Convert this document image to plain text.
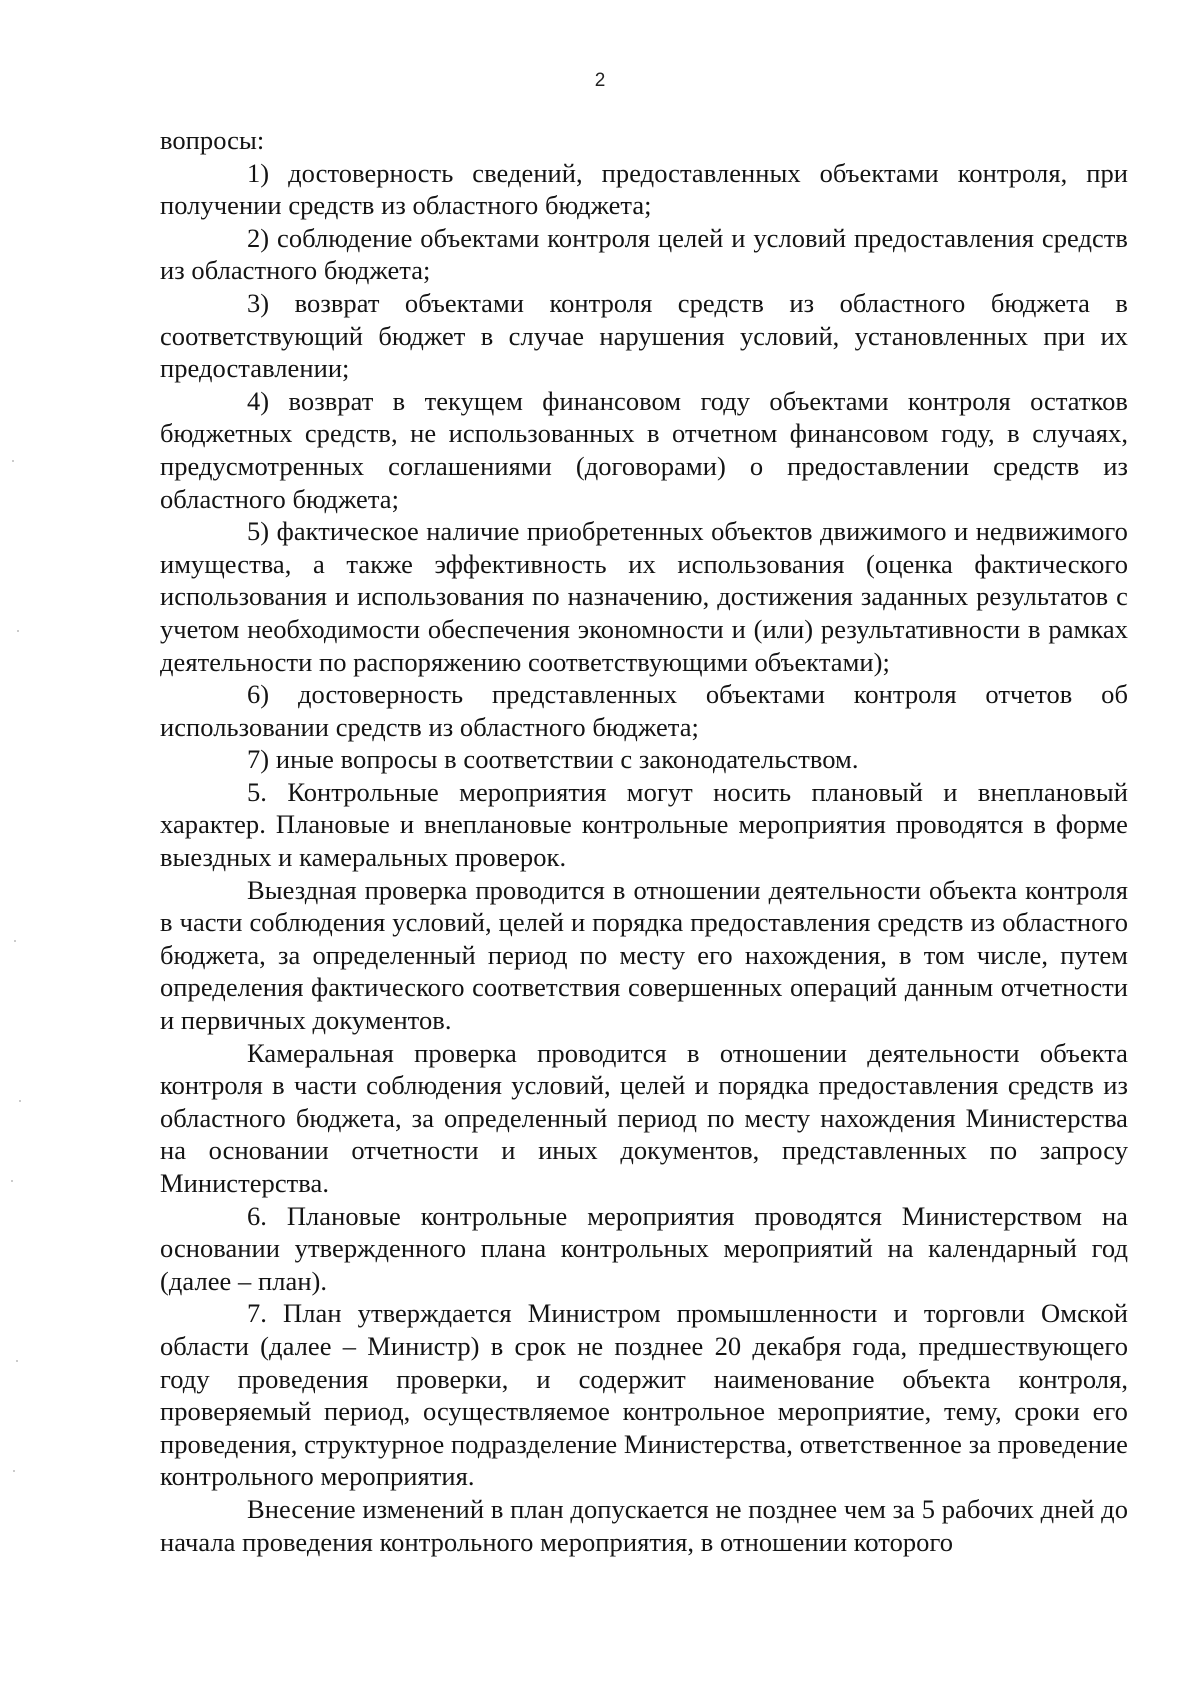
2

вопросы:

1) достоверность сведений, предоставленных объектами контроля, при получении средств из областного бюджета;

2) соблюдение объектами контроля целей и условий предоставления средств из областного бюджета;

3) возврат объектами контроля средств из областного бюджета в соответствующий бюджет в случае нарушения условий, установленных при их предоставлении;

4) возврат в текущем финансовом году объектами контроля остатков бюджетных средств, не использованных в отчетном финансовом году, в случаях, предусмотренных соглашениями (договорами) о предоставлении средств из областного бюджета;

5) фактическое наличие приобретенных объектов движимого и недвижимого имущества, а также эффективность их использования (оценка фактического использования и использования по назначению, достижения заданных результатов с учетом необходимости обеспечения экономности и (или) результативности в рамках деятельности по распоряжению соответствующими объектами);

6) достоверность представленных объектами контроля отчетов об использовании средств из областного бюджета;

7) иные вопросы в соответствии с законодательством.

5. Контрольные мероприятия могут носить плановый и внеплановый характер. Плановые и внеплановые контрольные мероприятия проводятся в форме выездных и камеральных проверок.

Выездная проверка проводится в отношении деятельности объекта контроля в части соблюдения условий, целей и порядка предоставления средств из областного бюджета, за определенный период по месту его нахождения, в том числе, путем определения фактического соответствия совершенных операций данным отчетности и первичных документов.

Камеральная проверка проводится в отношении деятельности объекта контроля в части соблюдения условий, целей и порядка предоставления средств из областного бюджета, за определенный период по месту нахождения Министерства на основании отчетности и иных документов, представленных по запросу Министерства.

6. Плановые контрольные мероприятия проводятся Министерством на основании утвержденного плана контрольных мероприятий на календарный год (далее – план).

7. План утверждается Министром промышленности и торговли Омской области (далее – Министр) в срок не позднее 20 декабря года, предшествующего году проведения проверки, и содержит наименование объекта контроля, проверяемый период, осуществляемое контрольное мероприятие, тему, сроки его проведения, структурное подразделение Министерства, ответственное за проведение контрольного мероприятия.

Внесение изменений в план допускается не позднее чем за 5 рабочих дней до начала проведения контрольного мероприятия, в отношении которого
